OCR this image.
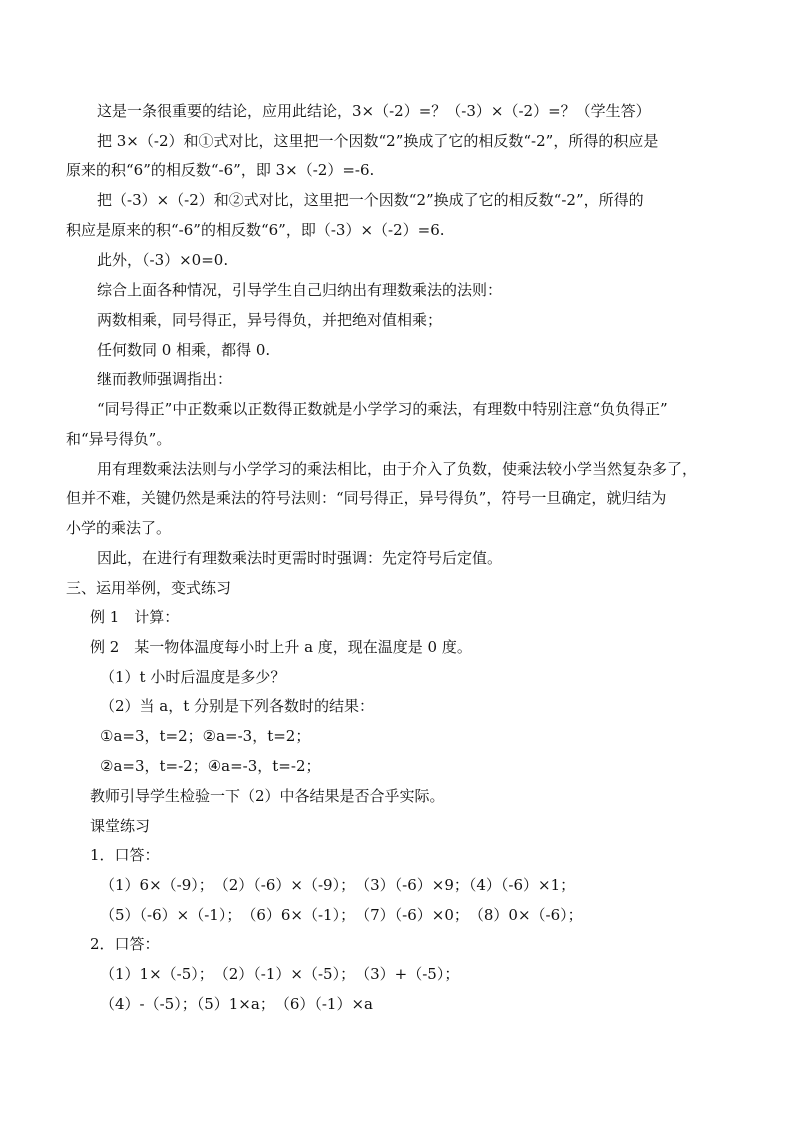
这是一条很重要的结论，应用此结论，3×（-2）=？（-3）×（-2）=？（学生答）
把 3×（-2）和①式对比，这里把一个因数“2”换成了它的相反数“-2”，所得的积应是
原来的积“6”的相反数“-6”，即 3×（-2）=-6.
把（-3）×（-2）和②式对比，这里把一个因数“2”换成了它的相反数“-2”，所得的
积应是原来的积“-6”的相反数“6”，即（-3）×（-2）=6.
此外，（-3）×0=0.
综合上面各种情况，引导学生自己归纳出有理数乘法的法则：
两数相乘，同号得正，异号得负，并把绝对值相乘；
任何数同 0 相乘，都得 0.
继而教师强调指出：
“同号得正”中正数乘以正数得正数就是小学学习的乘法，有理数中特别注意“负负得正”
和“异号得负”。
用有理数乘法法则与小学学习的乘法相比，由于介入了负数，使乘法较小学当然复杂多了，
但并不难，关键仍然是乘法的符号法则：“同号得正，异号得负”，符号一旦确定，就归结为
小学的乘法了。
因此，在进行有理数乘法时更需时时强调：先定符号后定值。
三、运用举例，变式练习
例 1　计算：
例 2　某一物体温度每小时上升 a 度，现在温度是 0 度。
（1）t 小时后温度是多少？
（2）当 a，t 分别是下列各数时的结果：
①a=3，t=2；②a=-3，t=2；
②a=3，t=-2；④a=-3，t=-2；
教师引导学生检验一下（2）中各结果是否合乎实际。
课堂练习
1．口答：
（1）6×（-9）；　（2）（-6）×（-9）；　（3）（-6）×9；（4）（-6）×1；
（5）（-6）×（-1）；　（6）6×（-1）；　（7）（-6）×0；　（8）0×（-6）；
2．口答：
（1）1×（-5）；　（2）（-1）×（-5）；　（3）+（-5）；
（4）-（-5）；（5）1×a；　（6）（-1）×a
